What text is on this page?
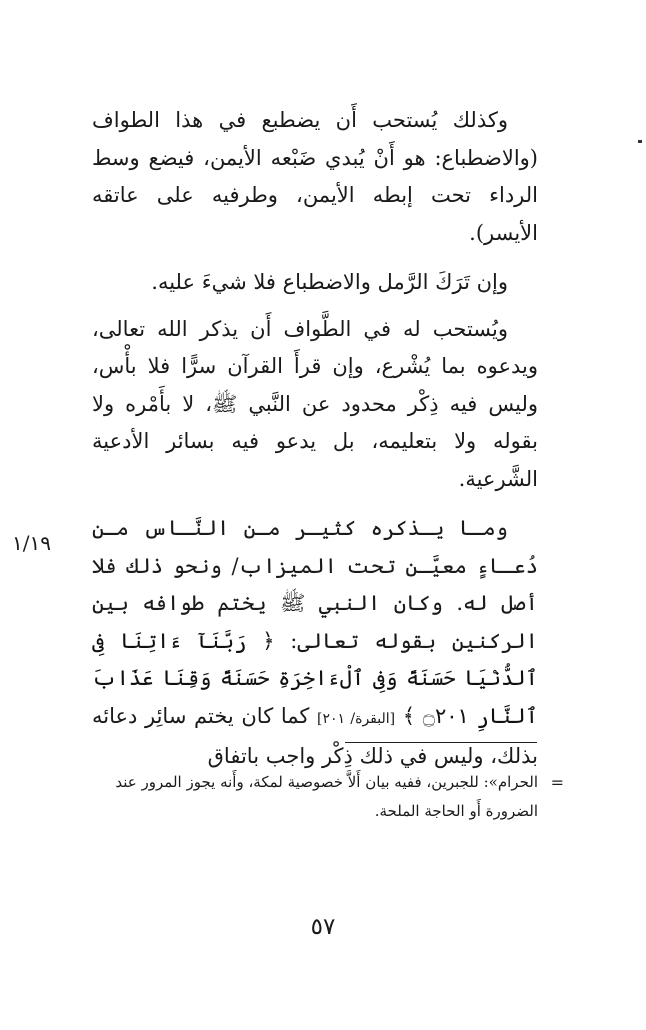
وكذلك يُستحب أَن يضطبع في هذا الطواف (والاضطباع: هو أَنْ يُبدي ضَبْعه الأيمن، فيضع وسط الرداء تحت إبطه الأيمن، وطرفيه على عاتقه الأيسر).

وإن تَرَكَ الرَّمل والاضطباع فلا شيءَ عليه.

ويُستحب له في الطَّواف أَن يذكر الله تعالى، ويدعوه بما يُشْرع، وإن قرأَ القرآن سرًّا فلا بأْس، وليس فيه ذِكْر محدود عن النَّبي ﷺ، لا بأَمْره ولا بقوله ولا بتعليمه، بل يدعو فيه بسائر الأدعية الشَّرعية.

ومـا يـذكره كثيـر مـن النَّـاس مـن دُعـاءٍ معيَّـن تحت الميزاب/ ونحو ذلك فلا أصل له. وكان النبي ﷺ يختم طوافه بين الركنين بقوله تعالى: ﴿ رَبَّنَآ ءَاتِنَا فِى ٱلدُّنْيَا حَسَنَةً وَفِى ٱلْءَاخِرَةِ حَسَنَةً وَقِنَا عَذَابَ ٱلنَّارِ ۝٢٠١ ﴾ [البقرة/ ٢٠١] كما كان يختم سائِر دعائه بذلك، وليس في ذلك ذِكْر واجب باتفاق

١/١٩
=
الحرام»: للجبرين، ففيه بيان أَلاَّ خصوصية لمكة، وأَنه يجوز المرور عند الضرورة أَو الحاجة الملحة.
٥٧
